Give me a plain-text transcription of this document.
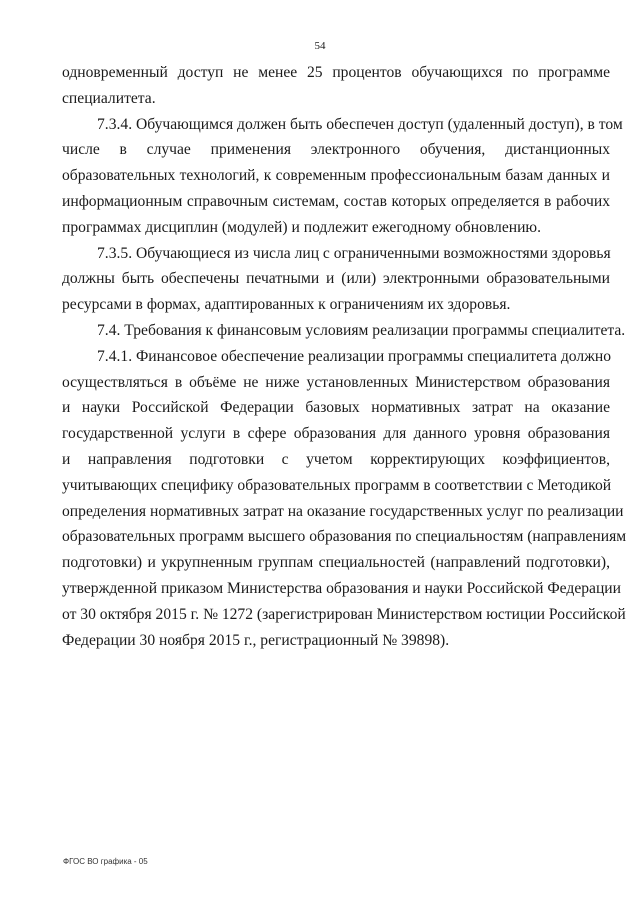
54
одновременный доступ не менее 25 процентов обучающихся по программе
специалитета.
7.3.4. Обучающимся должен быть обеспечен доступ (удаленный доступ), в том
числе в случае применения электронного обучения, дистанционных
образовательных технологий, к современным профессиональным базам данных и
информационным справочным системам, состав которых определяется в рабочих
программах дисциплин (модулей) и подлежит ежегодному обновлению.
7.3.5. Обучающиеся из числа лиц с ограниченными возможностями здоровья
должны быть обеспечены печатными и (или) электронными образовательными
ресурсами в формах, адаптированных к ограничениям их здоровья.
7.4. Требования к финансовым условиям реализации программы специалитета.
7.4.1. Финансовое обеспечение реализации программы специалитета должно
осуществляться в объёме не ниже установленных Министерством образования
и науки Российской Федерации базовых нормативных затрат на оказание
государственной услуги в сфере образования для данного уровня образования
и направления подготовки с учетом корректирующих коэффициентов,
учитывающих специфику образовательных программ в соответствии с Методикой
определения нормативных затрат на оказание государственных услуг по реализации
образовательных программ высшего образования по специальностям (направлениям
подготовки) и укрупненным группам специальностей (направлений подготовки),
утвержденной приказом Министерства образования и науки Российской Федерации
от 30 октября 2015 г. № 1272 (зарегистрирован Министерством юстиции Российской
Федерации 30 ноября 2015 г., регистрационный № 39898).
ФГОС ВО графика - 05
